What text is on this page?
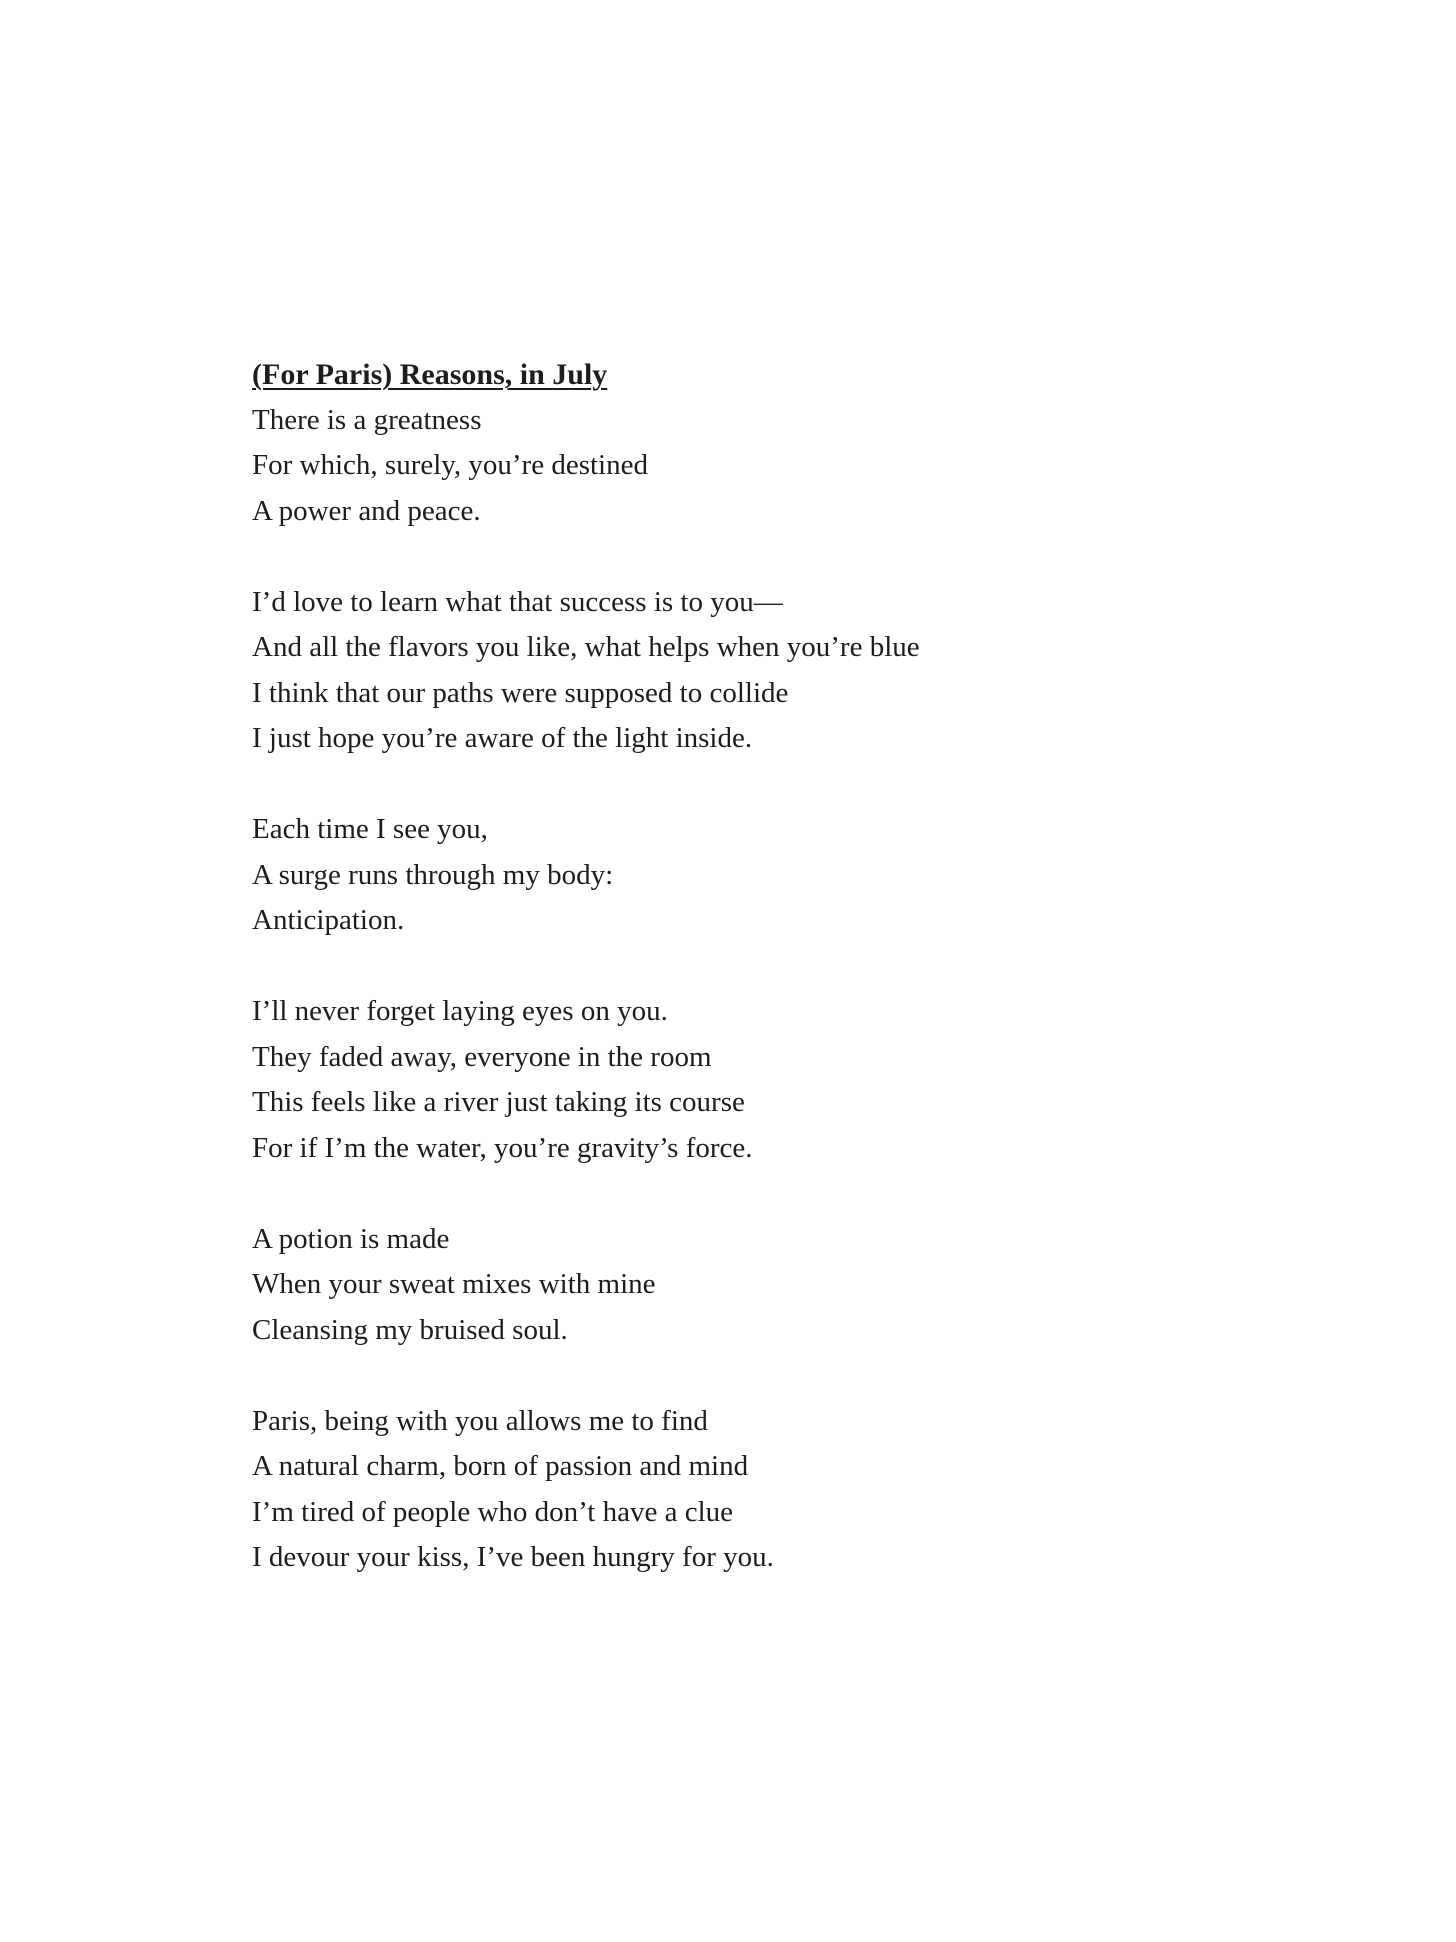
(For Paris) Reasons, in July
There is a greatness
For which, surely, you’re destined
A power and peace.
I’d love to learn what that success is to you—
And all the flavors you like, what helps when you’re blue
I think that our paths were supposed to collide
I just hope you’re aware of the light inside.
Each time I see you,
A surge runs through my body:
Anticipation.
I’ll never forget laying eyes on you.
They faded away, everyone in the room
This feels like a river just taking its course
For if I’m the water, you’re gravity’s force.
A potion is made
When your sweat mixes with mine
Cleansing my bruised soul.
Paris, being with you allows me to find
A natural charm, born of passion and mind
I’m tired of people who don’t have a clue
I devour your kiss, I’ve been hungry for you.
